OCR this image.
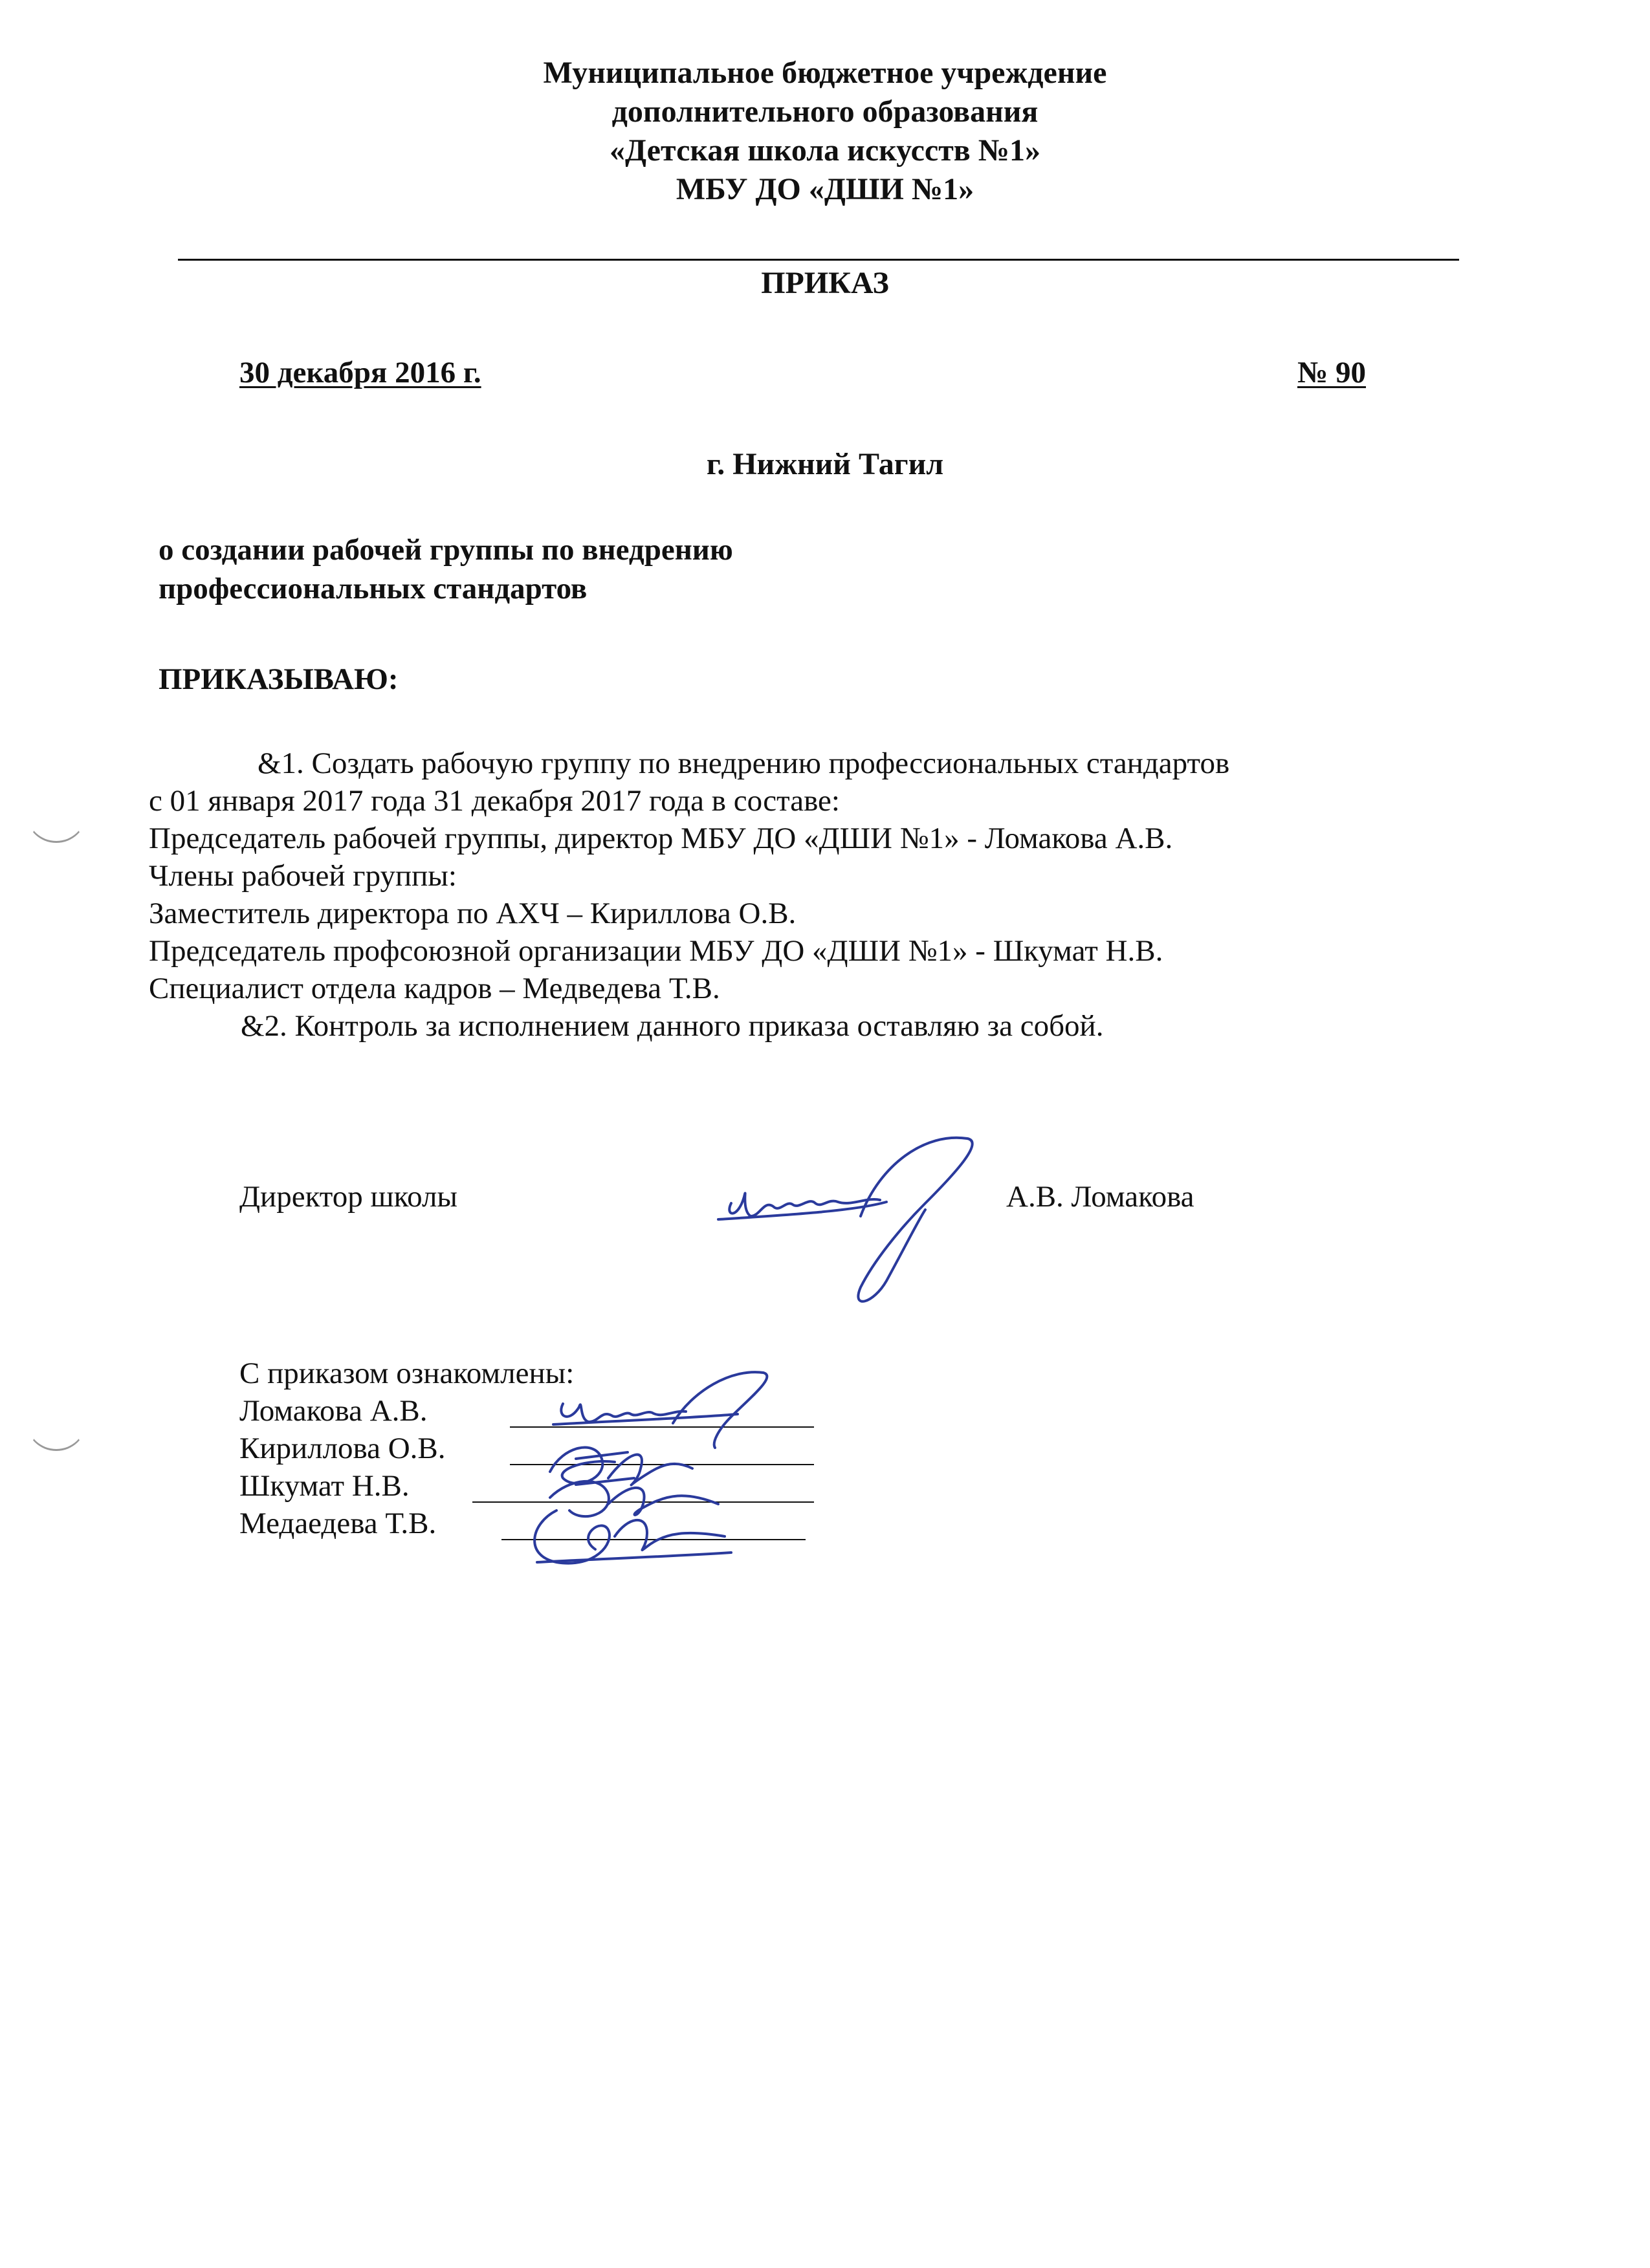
Муниципальное бюджетное учреждение
дополнительного образования
«Детская школа искусств №1»
МБУ ДО «ДШИ №1»
ПРИКАЗ
30 декабря 2016 г.	№ 90
г. Нижний Тагил
о создании рабочей группы по внедрению
профессиональных стандартов
ПРИКАЗЫВАЮ:
&1. Создать рабочую группу по внедрению профессиональных стандартов
с 01 января 2017 года 31 декабря 2017 года в составе:
Председатель рабочей группы, директор МБУ ДО «ДШИ №1» - Ломакова А.В.
Члены рабочей группы:
Заместитель директора по АХЧ – Кириллова О.В.
Председатель профсоюзной организации МБУ ДО «ДШИ №1» - Шкумат Н.В.
Специалист отдела кадров – Медведева Т.В.
&2. Контроль за исполнением данного приказа оставляю за собой.
Директор школы	А.В. Ломакова
С приказом ознакомлены:
Ломакова А.В.
Кириллова О.В.
Шкумат Н.В.
Медаедева Т.В.
